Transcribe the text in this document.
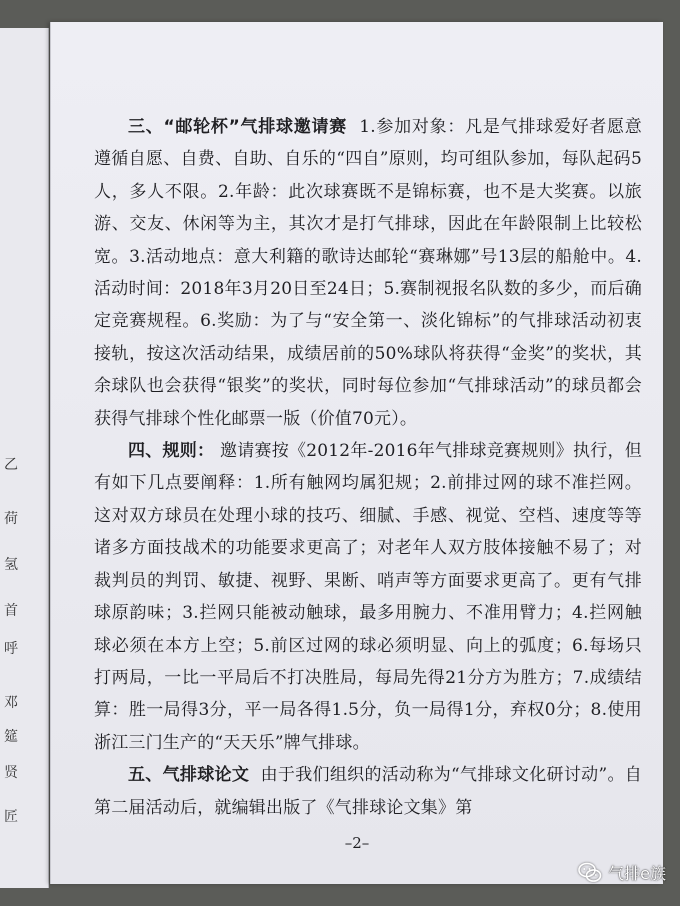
乙
荷
氢
首
呼
邓
筵
贤
匠

三、“邮轮杯”气排球邀请赛 1.参加对象：凡是气排球爱好者愿意遵循自愿、自费、自助、自乐的“四自”原则，均可组队参加，每队起码5人，多人不限。2.年龄：此次球赛既不是锦标赛，也不是大奖赛。以旅游、交友、休闲等为主，其次才是打气排球，因此在年龄限制上比较松宽。3.活动地点：意大利籍的歌诗达邮轮“赛琳娜”号13层的船舱中。4.活动时间：2018年3月20日至24日；5.赛制视报名队数的多少，而后确定竞赛规程。6.奖励：为了与“安全第一、淡化锦标”的气排球活动初衷接轨，按这次活动结果，成绩居前的50%球队将获得“金奖”的奖状，其余球队也会获得“银奖”的奖状，同时每位参加“气排球活动”的球员都会获得气排球个性化邮票一版（价值70元）。

四、规则： 邀请赛按《2012年-2016年气排球竞赛规则》执行，但有如下几点要阐释：1.所有触网均属犯规；2.前排过网的球不准拦网。这对双方球员在处理小球的技巧、细腻、手感、视觉、空档、速度等等诸多方面技战术的功能要求更高了；对老年人双方肢体接触不易了；对裁判员的判罚、敏捷、视野、果断、哨声等方面要求更高了。更有气排球原韵味；3.拦网只能被动触球，最多用腕力、不准用臂力；4.拦网触球必须在本方上空；5.前区过网的球必须明显、向上的弧度；6.每场只打两局，一比一平局后不打决胜局，每局先得21分方为胜方；7.成绩结算：胜一局得3分，平一局各得1.5分，负一局得1分，弃权0分；8.使用浙江三门生产的“天天乐”牌气排球。

五、气排球论文 由于我们组织的活动称为“气排球文化研讨动”。自第二届活动后，就编辑出版了《气排球论文集》第

–2–
气排e族
